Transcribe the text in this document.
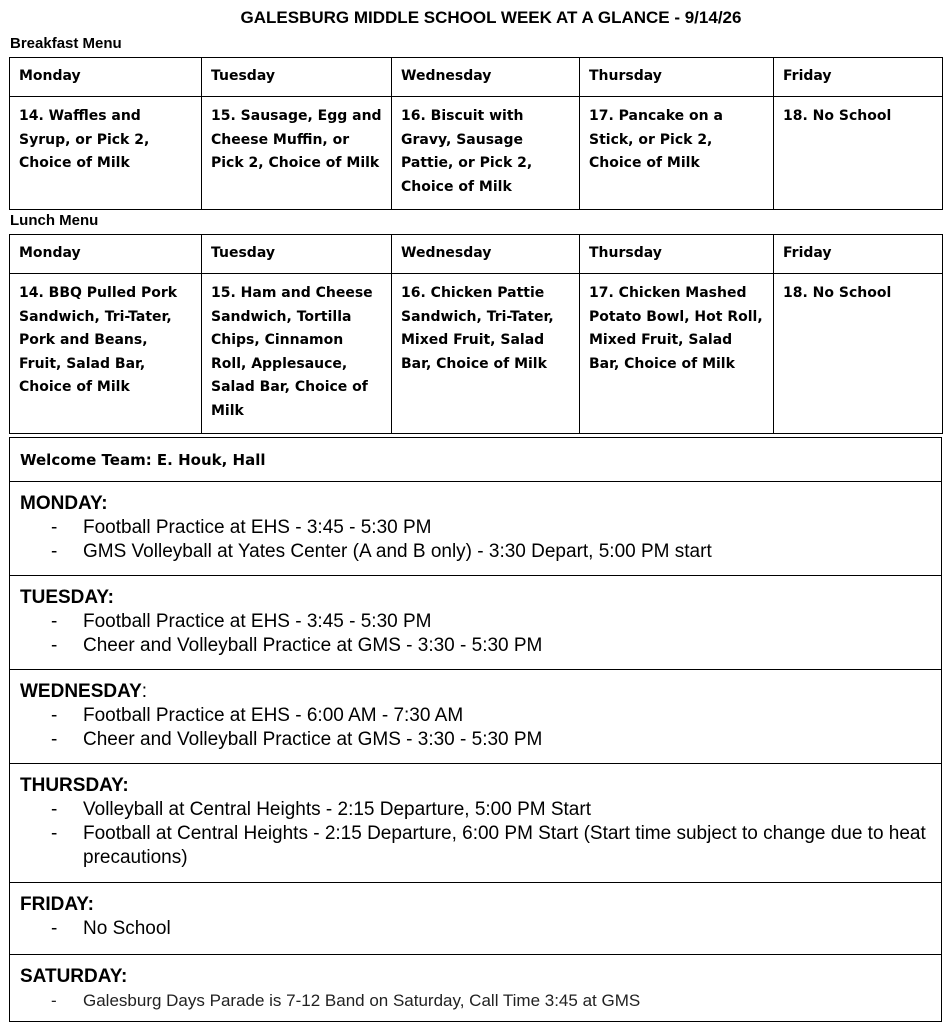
GALESBURG MIDDLE SCHOOL WEEK AT A GLANCE - 9/14/26
Breakfast Menu
Monday	Tuesday	Wednesday	Thursday	Friday
14. Waffles and Syrup, or Pick 2, Choice of Milk	15. Sausage, Egg and Cheese Muffin, or Pick 2, Choice of Milk	16. Biscuit with Gravy, Sausage Pattie, or Pick 2, Choice of Milk	17. Pancake on a Stick, or Pick 2, Choice of Milk	18. No School
Lunch Menu
Monday	Tuesday	Wednesday	Thursday	Friday
14. BBQ Pulled Pork Sandwich, Tri-Tater, Pork and Beans, Fruit, Salad Bar, Choice of Milk	15. Ham and Cheese Sandwich, Tortilla Chips, Cinnamon Roll, Applesauce, Salad Bar, Choice of Milk	16. Chicken Pattie Sandwich, Tri-Tater, Mixed Fruit, Salad Bar, Choice of Milk	17. Chicken Mashed Potato Bowl, Hot Roll, Mixed Fruit, Salad Bar, Choice of Milk	18. No School
Welcome Team: E. Houk, Hall
MONDAY:
- Football Practice at EHS - 3:45 - 5:30 PM
- GMS Volleyball at Yates Center (A and B only) - 3:30 Depart, 5:00 PM start
TUESDAY:
- Football Practice at EHS - 3:45 - 5:30 PM
- Cheer and Volleyball Practice at GMS - 3:30 - 5:30 PM
WEDNESDAY:
- Football Practice at EHS - 6:00 AM - 7:30 AM
- Cheer and Volleyball Practice at GMS - 3:30 - 5:30 PM
THURSDAY:
- Volleyball at Central Heights - 2:15 Departure, 5:00 PM Start
- Football at Central Heights - 2:15 Departure, 6:00 PM Start (Start time subject to change due to heat precautions)
FRIDAY:
- No School
SATURDAY:
- Galesburg Days Parade is 7-12 Band on Saturday, Call Time 3:45 at GMS
